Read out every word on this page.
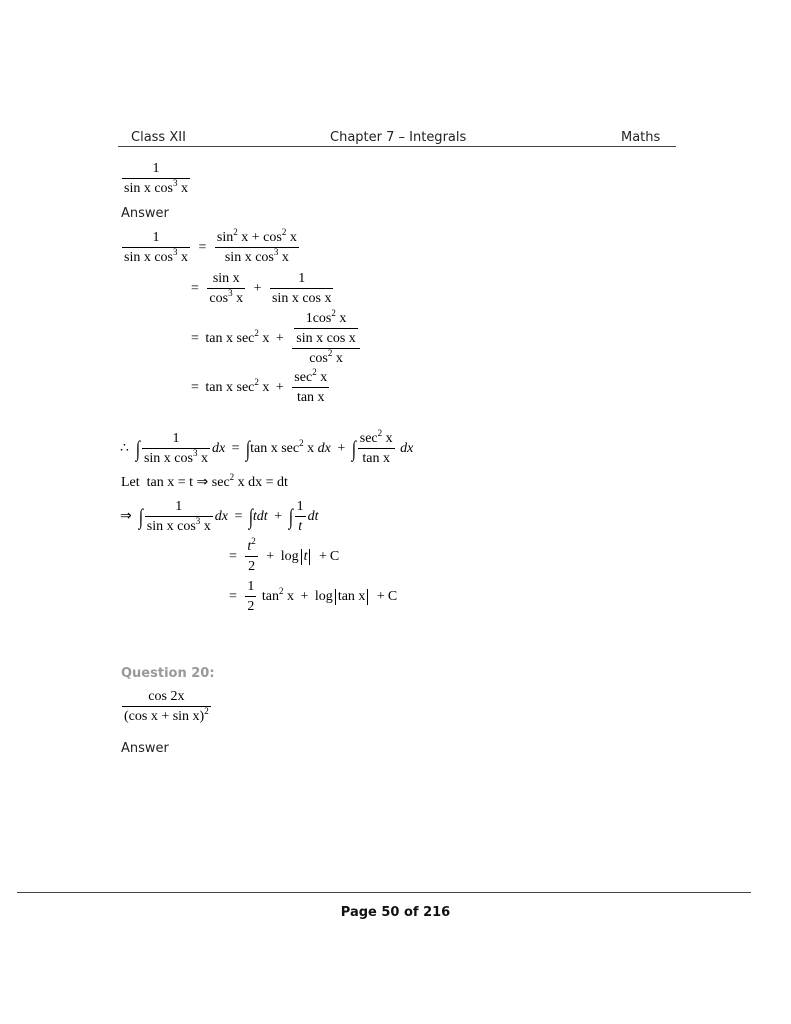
Class XII	Chapter 7 – Integrals	Maths
$\frac{1}{\sin x \cos^3 x}$
Answer
$\frac{1}{\sin x \cos^3 x} = \frac{\sin^2 x + \cos^2 x}{\sin x \cos^3 x}$
= $\frac{\text{sin x}}{\cos^3 x} + \frac{1}{\text{sin x cos x}}$
= tan x $\sec^2 x + \frac{\frac{1\cos^2 x}{\text{sin x cos x}}}{\cos^2 x}$
= tan x $\sec^2 x + \frac{\sec^2 x}{\text{tan x}}$
∴ ∫ $\frac{1}{\sin x \cos^3 x}$ dx = ∫tan x $\sec^2 x$ dx + ∫ $\frac{\sec^2 x}{\text{tan x}}$ dx
Let tan x = t ⇒ $\sec^2 x$ dx = dt
⇒ ∫ $\frac{1}{\sin x \cos^3 x}$ dx = ∫tdt + ∫ $\frac{1}{t}$ dt
= $\frac{t^2}{2} + \log t + C$
= $\frac{1}{2} \tan^2 x + \log \tan x + C$
Question 20:
$\frac{\cos 2x}{(\cos x + \sin x)^2}$
Answer
Page 50 of 216
